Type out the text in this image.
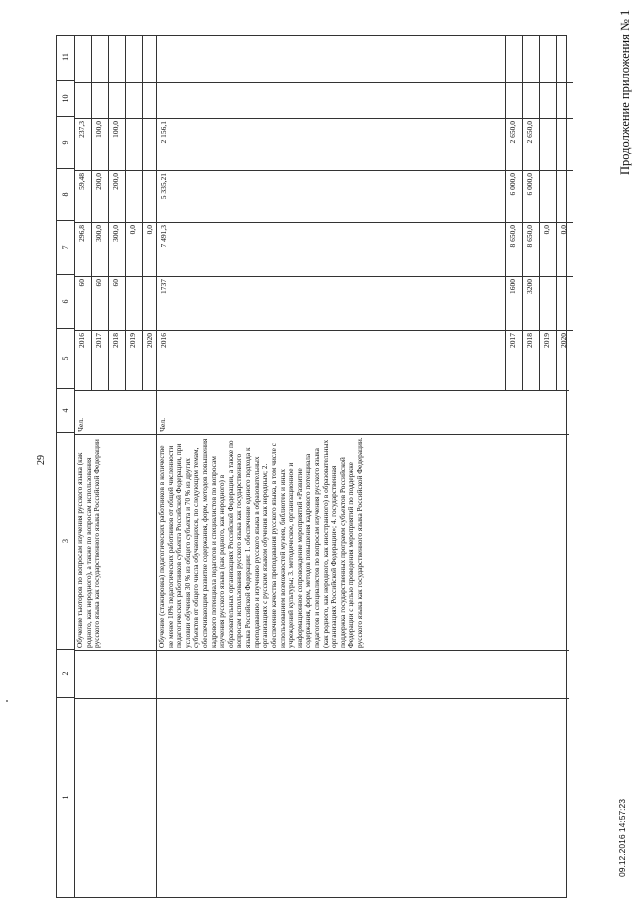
Продолжение приложения № 1
29
09.12.2016 14:57:23
1
2
3
4
5
6
7
8
9
10
11
Обучение тьюторов по вопросам изучения русского языка (как родного, как неродного), а также по вопросам использования русского языка как государственного языка Российской Федерации
Чел.
2016
60
296,8
59,48
237,3
2017
60
300,0
200,0
100,0
2018
60
300,0
200,0
100,0
2019
0,0
2020
0,0
Обучение (стажировка) педагогических работников в количестве не менее 10% педагогических работников от общей численности педагогических работников субъекта Российской Федерации, при условии обучения 30 % из общего субъекта и 70 % из других субъектов от общего числа обучающихся, по следующим темам, обеспечивающим развитие содержания, форм, методов повышения кадрового потенциала педагогов и специалистов по вопросам изучения русского языка (как родного, как неродного) в образовательных организациях Российской Федерации, а также по вопросам использования русского языка как государственного языка Российской Федерации: 1. обеспечение единого подхода к преподаванию и изучению русского языка в образовательных организациях с русским языком обучения как неродным; 2. обеспечение качества преподавания русского языка, в том числе с использованием возможностей музеев, библиотек и иных учреждений культуры; 3. методическое, организационное и информационное сопровождение мероприятий «Развитие содержания, форм, методов повышения кадрового потенциала педагогов и специалистов по вопросам изучения русского языка (как родного, как неродного, как иностранного) в образовательных организациях Российской Федерации»; 4. государственная поддержка государственных программ субъектов Российской Федерации с целью проведения мероприятий по поддержке русского языка как государственного языка Российской Федерации.
Чел.
2016
1737
7 491,3
5 335,21
2 156,1
2017
1600
8 650,0
6 000,0
2 650,0
2018
3200
8 650,0
6 000,0
2 650,0
2019
0,0
2020
0,0
